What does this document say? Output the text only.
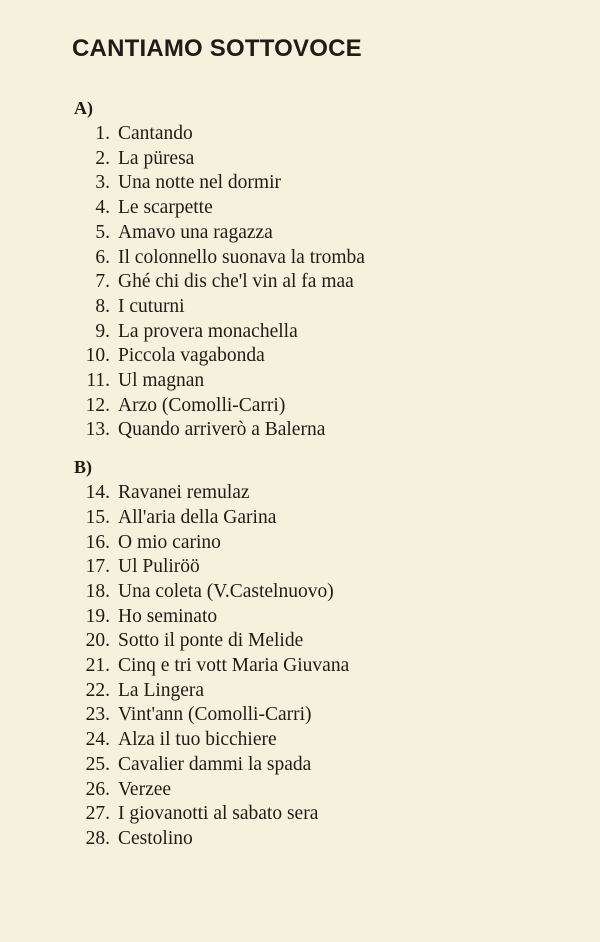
CANTIAMO SOTTOVOCE
A)
1. Cantando
2. La püresa
3. Una notte nel dormir
4. Le scarpette
5. Amavo una ragazza
6. Il colonnello suonava la tromba
7. Ghé chi dis che'l vin al fa maa
8. I cuturni
9. La provera monachella
10. Piccola vagabonda
11. Ul magnan
12. Arzo (Comolli-Carri)
13. Quando arriverò a Balerna
B)
14. Ravanei remulaz
15. All'aria della Garina
16. O mio carino
17. Ul Puliröö
18. Una coleta (V.Castelnuovo)
19. Ho seminato
20. Sotto il ponte di Melide
21. Cinq e tri vott Maria Giuvana
22. La Lingera
23. Vint'ann (Comolli-Carri)
24. Alza il tuo bicchiere
25. Cavalier dammi la spada
26. Verzee
27. I giovanotti al sabato sera
28. Cestolino
